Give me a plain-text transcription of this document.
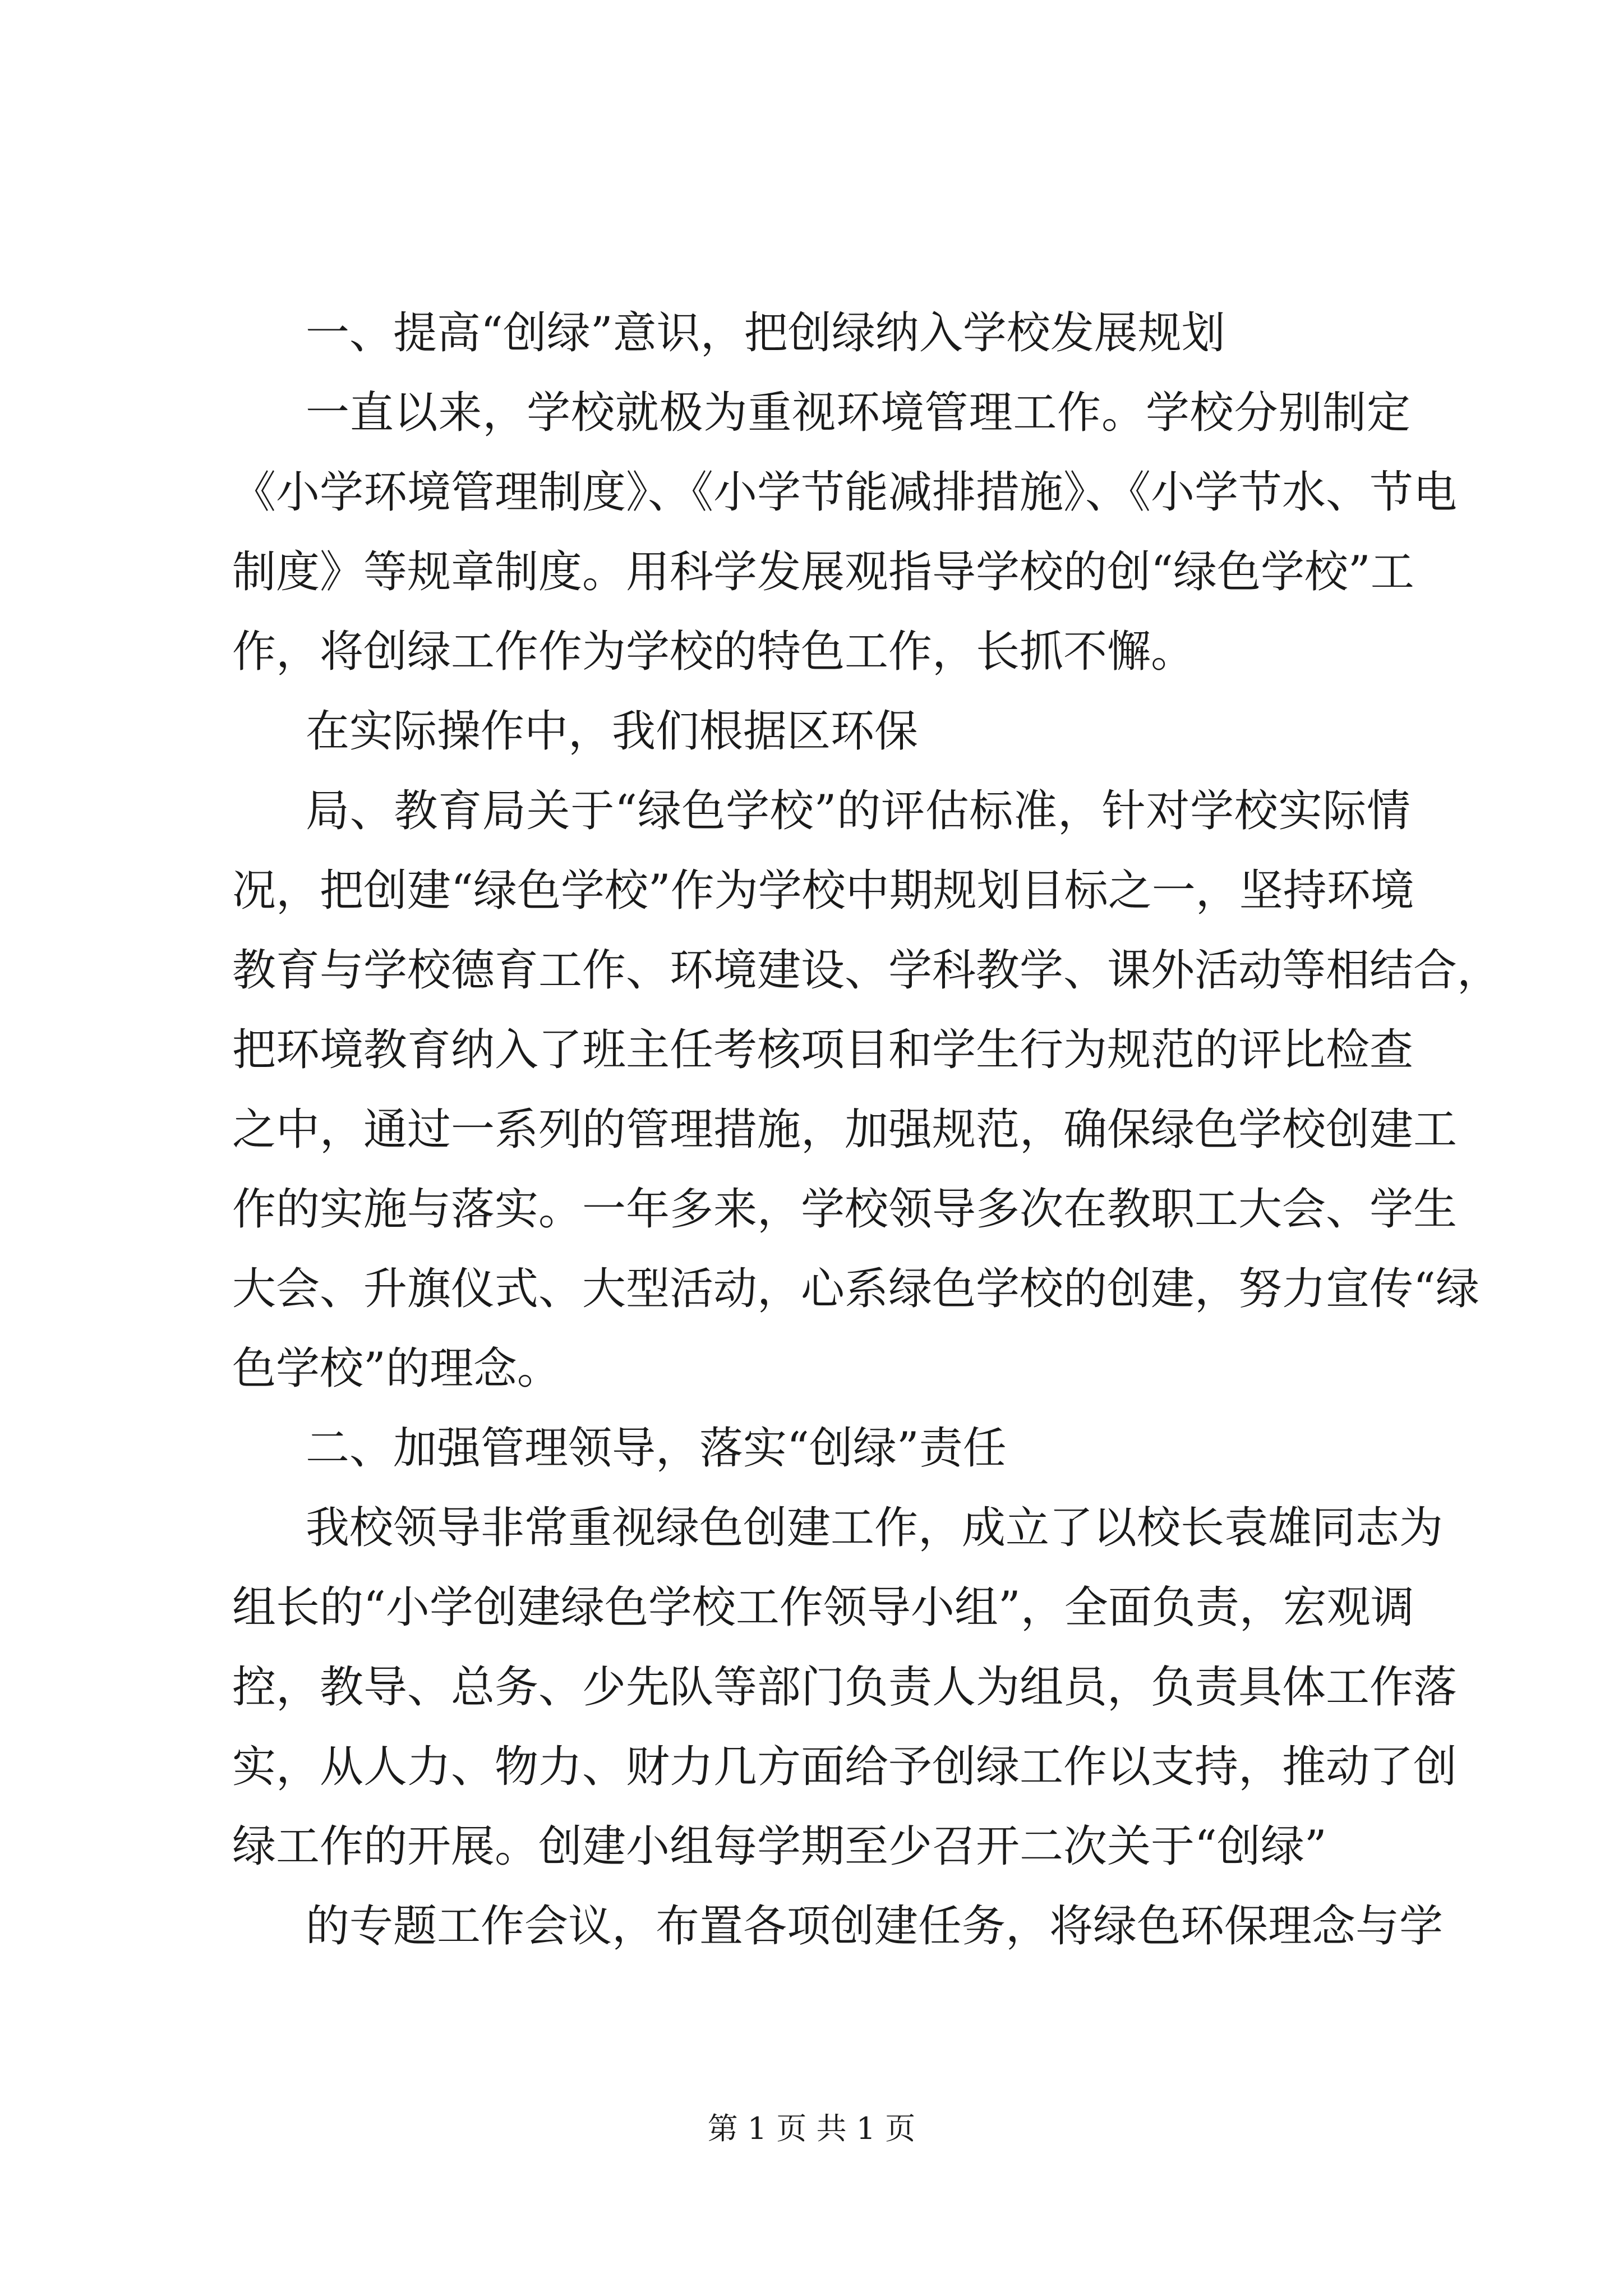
一、提高“创绿”意识，把创绿纳入学校发展规划
一直以来，学校就极为重视环境管理工作。学校分别制定
《小学环境管理制度》、《小学节能减排措施》、《小学节水、节电
制度》等规章制度。用科学发展观指导学校的创“绿色学校”工
作，将创绿工作作为学校的特色工作，长抓不懈。
在实际操作中，我们根据区环保
局、教育局关于“绿色学校”的评估标准，针对学校实际情
况，把创建“绿色学校”作为学校中期规划目标之一，坚持环境
教育与学校德育工作、环境建设、学科教学、课外活动等相结合，
把环境教育纳入了班主任考核项目和学生行为规范的评比检查
之中，通过一系列的管理措施，加强规范，确保绿色学校创建工
作的实施与落实。一年多来，学校领导多次在教职工大会、学生
大会、升旗仪式、大型活动，心系绿色学校的创建，努力宣传“绿
色学校”的理念。
二、加强管理领导，落实“创绿”责任
我校领导非常重视绿色创建工作，成立了以校长袁雄同志为
组长的“小学创建绿色学校工作领导小组”，全面负责，宏观调
控，教导、总务、少先队等部门负责人为组员，负责具体工作落
实，从人力、物力、财力几方面给予创绿工作以支持，推动了创
绿工作的开展。创建小组每学期至少召开二次关于“创绿”
的专题工作会议，布置各项创建任务，将绿色环保理念与学
第 1 页 共 1 页
